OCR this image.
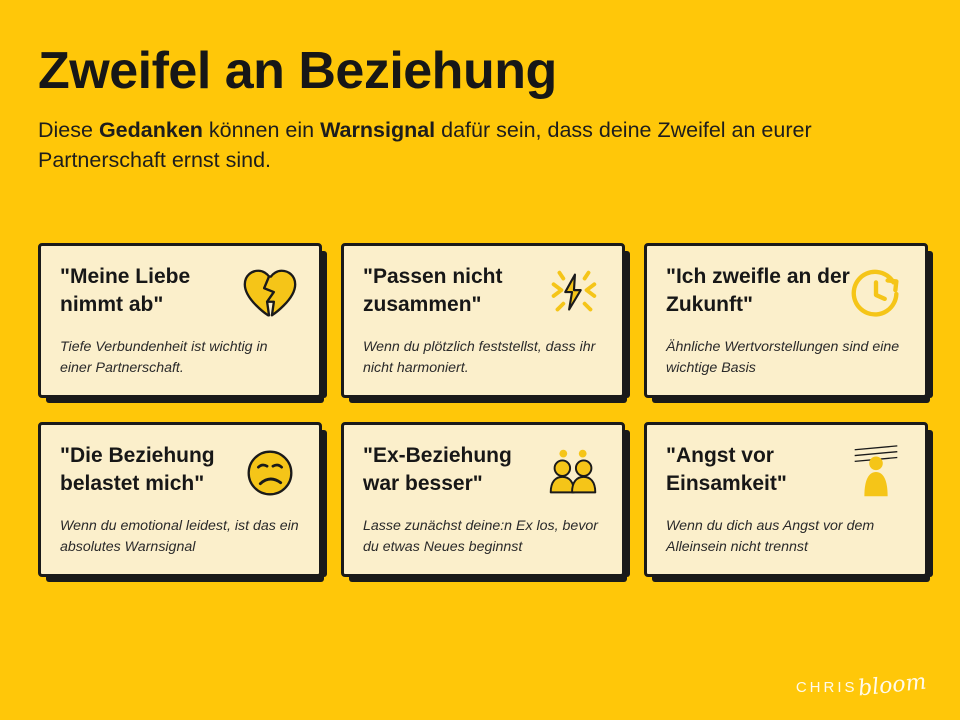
Zweifel an Beziehung

Diese Gedanken können ein Warnsignal dafür sein, dass deine Zweifel an eurer Partnerschaft ernst sind.

"Meine Liebe nimmt ab"

Tiefe Verbundenheit ist wichtig in einer Partnerschaft.

"Passen nicht zusammen"

Wenn du plötzlich feststellst, dass ihr nicht harmoniert.

"Ich zweifle an der Zukunft"

Ähnliche Wertvorstellungen sind eine wichtige Basis

"Die Beziehung belastet mich"

Wenn du emotional leidest, ist das ein absolutes Warnsignal

"Ex-Beziehung war besser"

Lasse zunächst deine:n Ex los, bevor du etwas Neues beginnst

"Angst vor Einsamkeit"

Wenn du dich aus Angst vor dem Alleinsein nicht trennst

CHRIS
bloom
